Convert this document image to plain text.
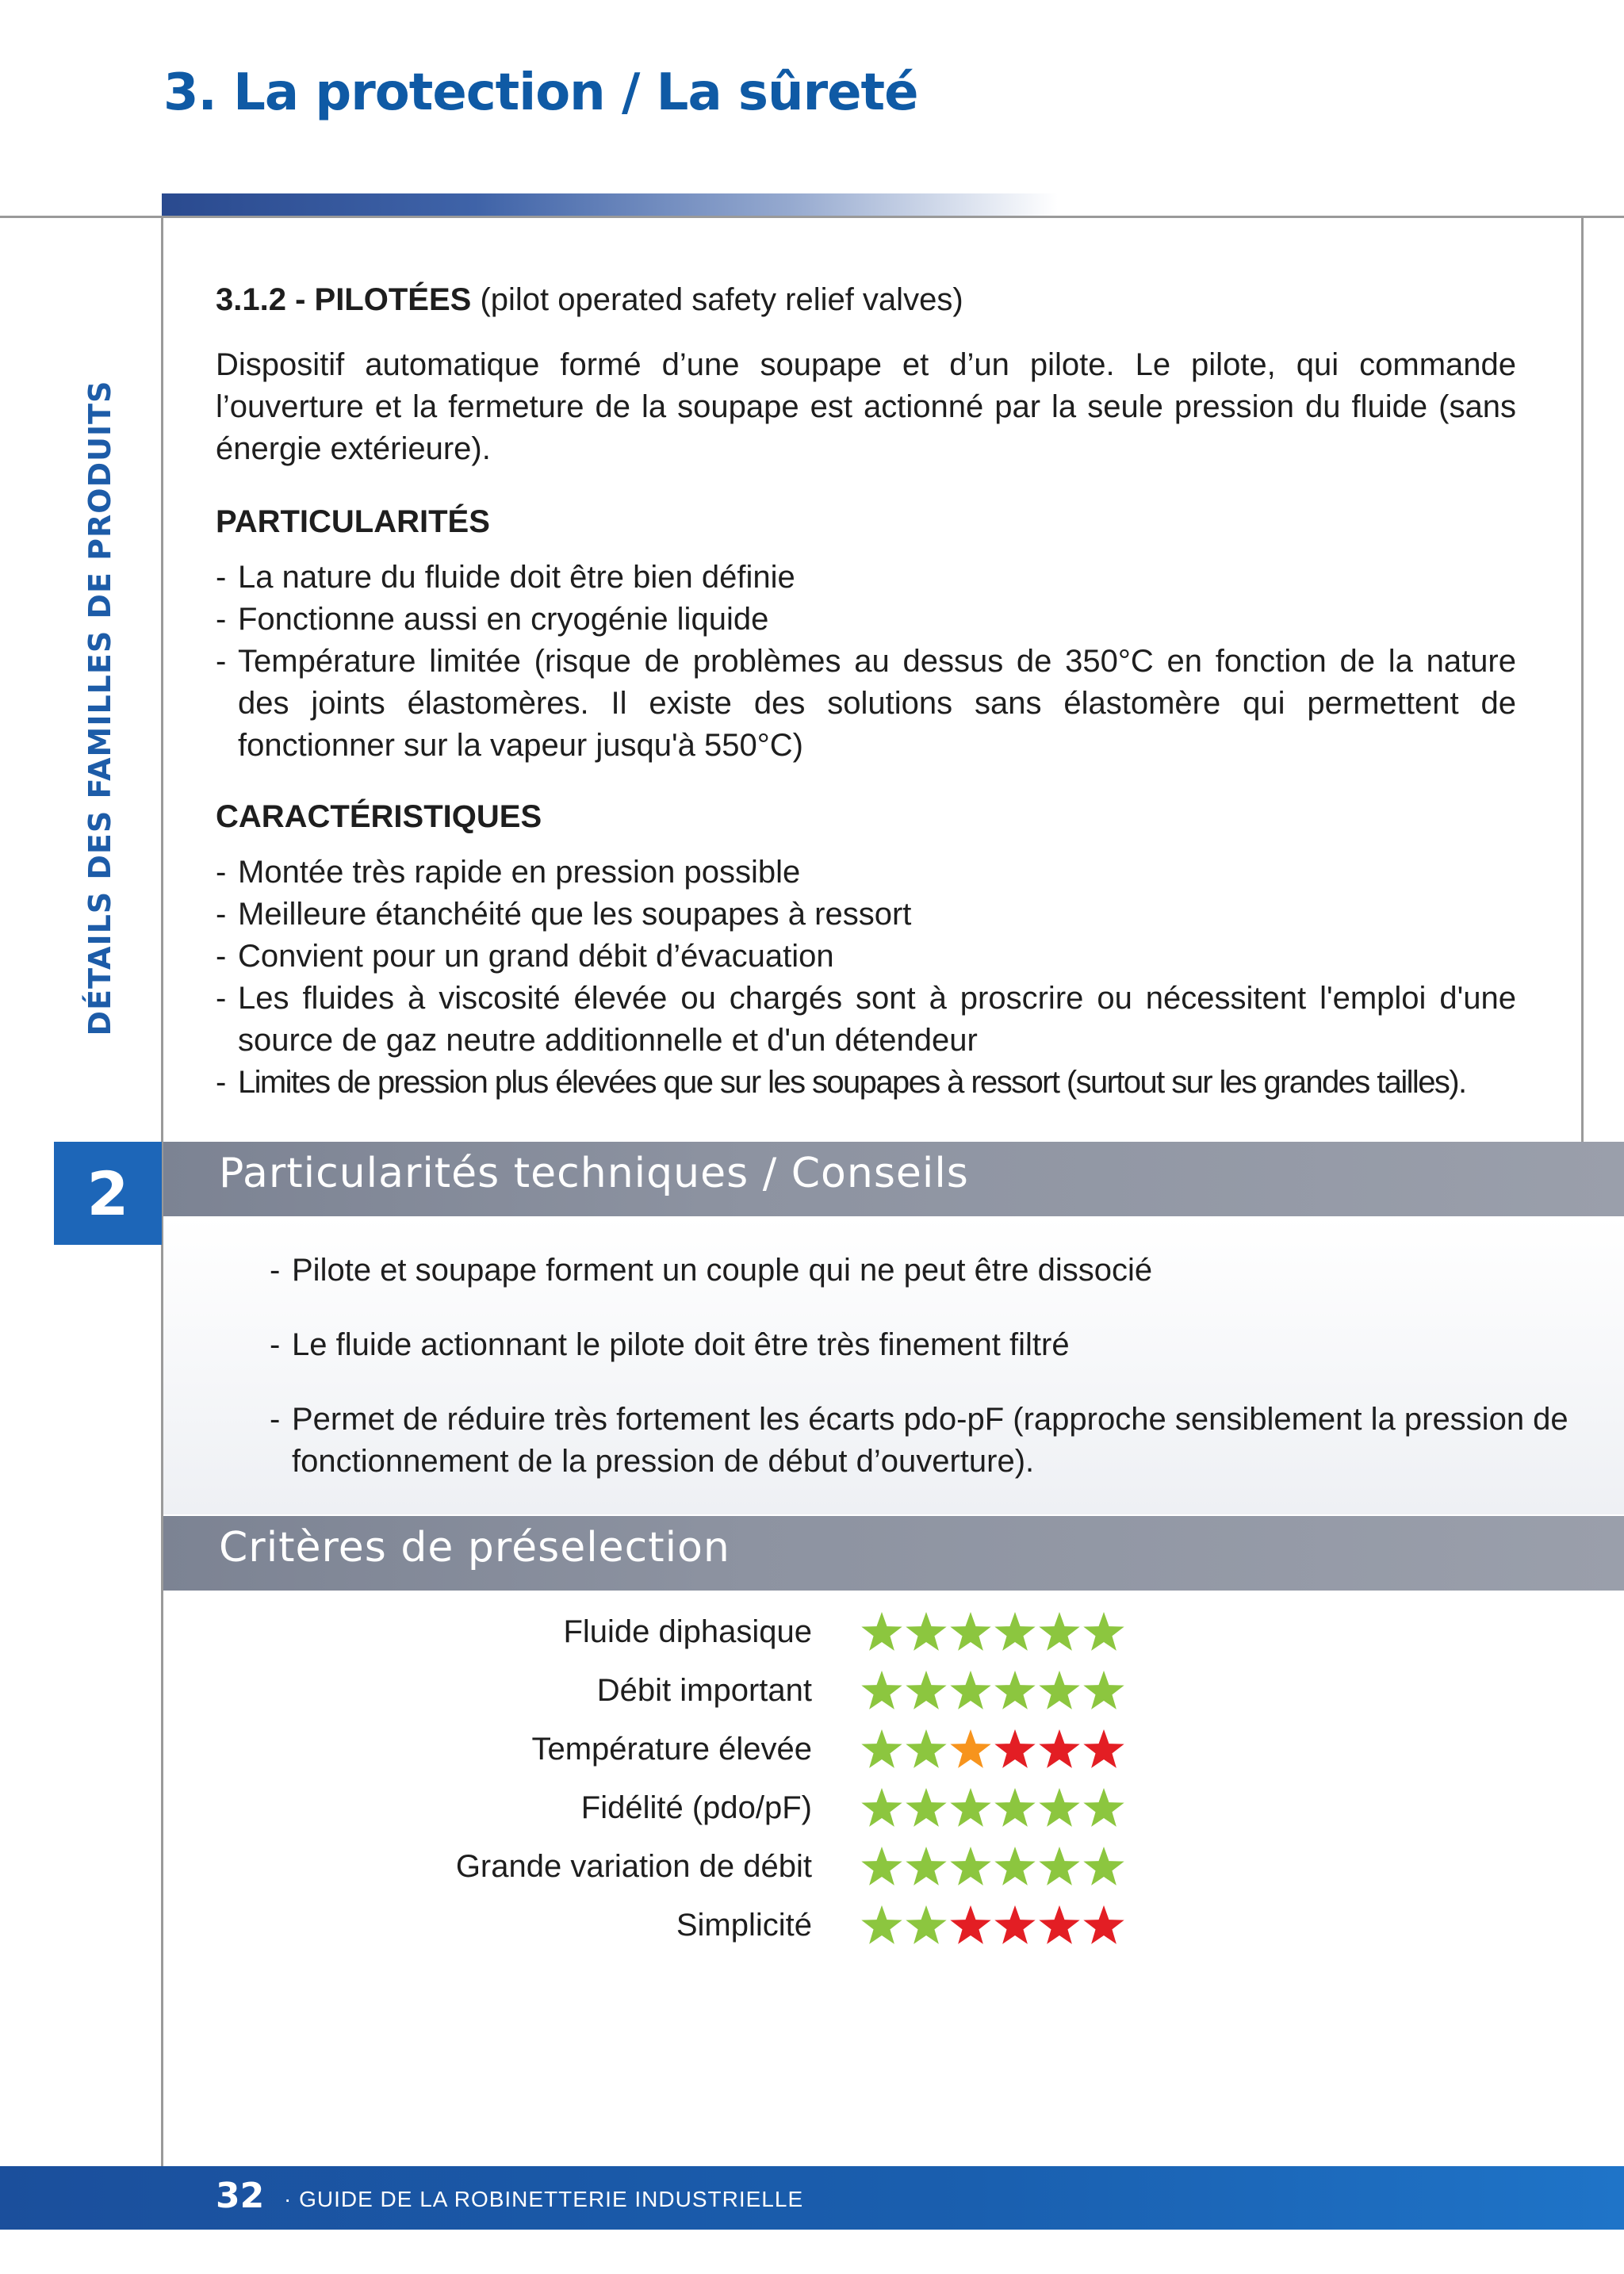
3. La protection / La sûreté
DÉTAILS DES FAMILLES DE PRODUITS
2
3.1.2 - PILOTÉES (pilot operated safety relief valves)
Dispositif automatique formé d’une soupape et d’un pilote. Le pilote, qui commande l’ouverture et la fermeture de la soupape est actionné par la seule pression du fluide (sans énergie extérieure).
PARTICULARITÉS
- La nature du fluide doit être bien définie
- Fonctionne aussi en cryogénie liquide
- Température limitée (risque de problèmes au dessus de 350°C en fonction de la nature des joints élastomères. Il existe des solutions sans élastomère qui permettent de fonctionner sur la vapeur jusqu'à 550°C)
CARACTÉRISTIQUES
- Montée très rapide en pression possible
- Meilleure étanchéité que les soupapes à ressort
- Convient pour un grand débit d’évacuation
- Les fluides à viscosité élevée ou chargés sont à proscrire ou nécessitent l'emploi d'une source de gaz neutre additionnelle et d'un détendeur
- Limites de pression plus élevées que sur les soupapes à ressort (surtout sur les grandes tailles).
Particularités techniques / Conseils
- Pilote et soupape forment un couple qui ne peut être dissocié
- Le fluide actionnant le pilote doit être très finement filtré
- Permet de réduire très fortement les écarts pdo-pF (rapproche sensiblement la pression de fonctionnement de la pression de début d’ouverture).
Critères de préselection
Fluide diphasique
Débit important
Température élevée
Fidélité (pdo/pF)
Grande variation de débit
Simplicité
32 · GUIDE DE LA ROBINETTERIE INDUSTRIELLE
